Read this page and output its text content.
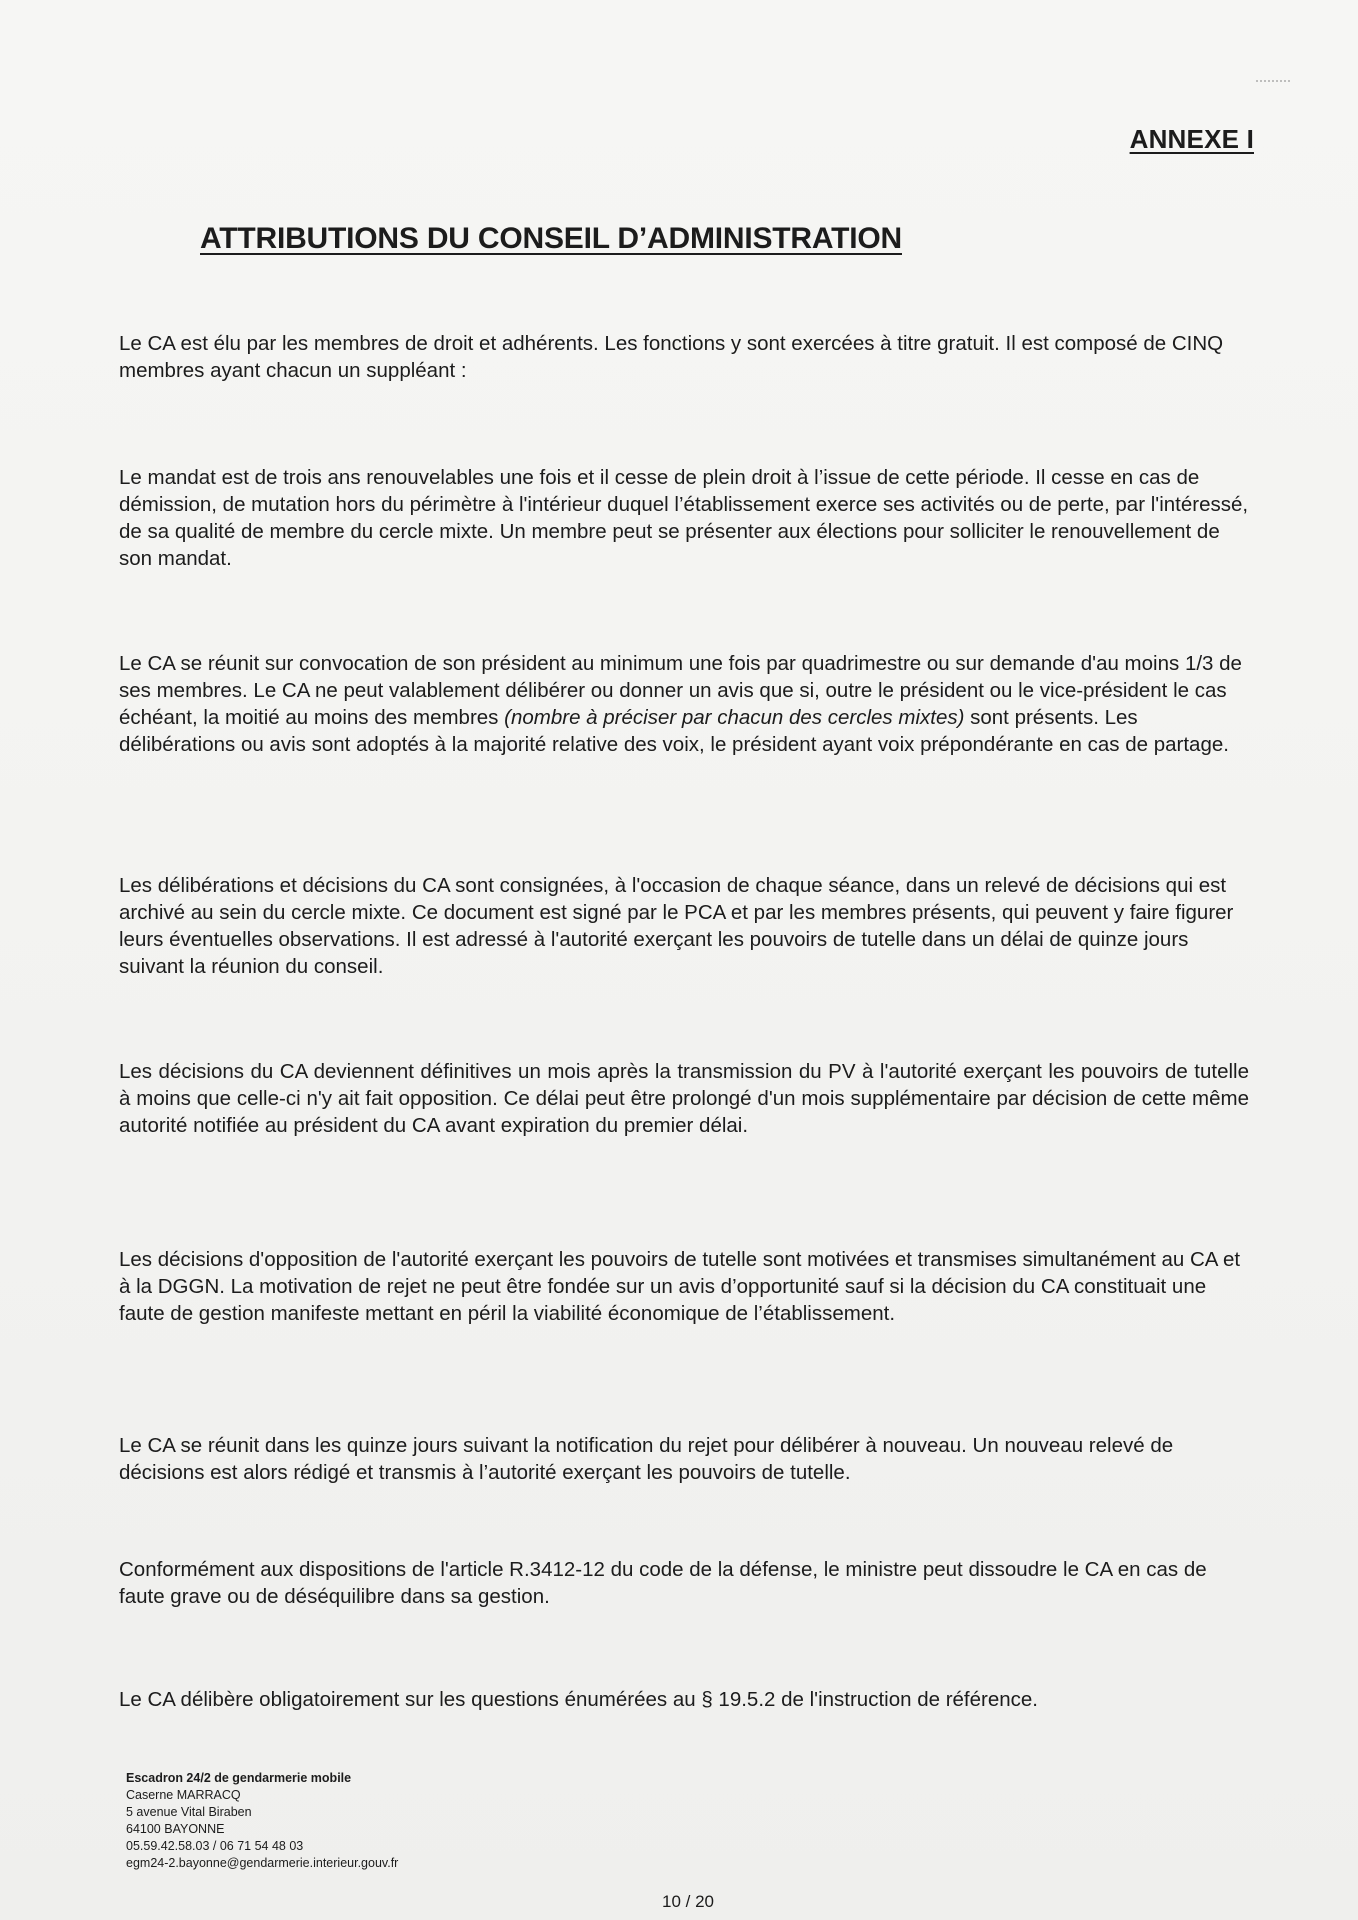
ANNEXE I
ATTRIBUTIONS DU CONSEIL D’ADMINISTRATION

Le CA est élu par les membres de droit et adhérents. Les fonctions y sont exercées à titre gratuit. Il est composé de CINQ membres ayant chacun un suppléant :

Le mandat est de trois ans renouvelables une fois et il cesse de plein droit à l’issue de cette période. Il cesse en cas de démission, de mutation hors du périmètre à l'intérieur duquel l’établissement exerce ses activités ou de perte, par l'intéressé, de sa qualité de membre du cercle mixte. Un membre peut se présenter aux élections pour solliciter le renouvellement de son mandat.

Le CA se réunit sur convocation de son président au minimum une fois par quadrimestre ou sur demande d'au moins 1/3 de ses membres. Le CA ne peut valablement délibérer ou donner un avis que si, outre le président ou le vice-président le cas échéant, la moitié au moins des membres (nombre à préciser par chacun des cercles mixtes) sont présents. Les délibérations ou avis sont adoptés à la majorité relative des voix, le président ayant voix prépondérante en cas de partage.

Les délibérations et décisions du CA sont consignées, à l'occasion de chaque séance, dans un relevé de décisions qui est archivé au sein du cercle mixte. Ce document est signé par le PCA et par les membres présents, qui peuvent y faire figurer leurs éventuelles observations. Il est adressé à l'autorité exerçant les pouvoirs de tutelle dans un délai de quinze jours suivant la réunion du conseil.

Les décisions du CA deviennent définitives un mois après la transmission du PV à l'autorité exerçant les pouvoirs de tutelle à moins que celle-ci n'y ait fait opposition. Ce délai peut être prolongé d'un mois supplémentaire par décision de cette même autorité notifiée au président du CA avant expiration du premier délai.

Les décisions d'opposition de l'autorité exerçant les pouvoirs de tutelle sont motivées et transmises simultanément au CA et à la DGGN. La motivation de rejet ne peut être fondée sur un avis d’opportunité sauf si la décision du CA constituait une faute de gestion manifeste mettant en péril la viabilité économique de l’établissement.

Le CA se réunit dans les quinze jours suivant la notification du rejet pour délibérer à nouveau. Un nouveau relevé de décisions est alors rédigé et transmis à l’autorité exerçant les pouvoirs de tutelle.

Conformément aux dispositions de l'article R.3412-12 du code de la défense, le ministre peut dissoudre le CA en cas de faute grave ou de déséquilibre dans sa gestion.

Le CA délibère obligatoirement sur les questions énumérées au § 19.5.2 de l'instruction de référence.

Escadron 24/2 de gendarmerie mobile
Caserne MARRACQ
5 avenue Vital Biraben
64100 BAYONNE
05.59.42.58.03 / 06 71 54 48 03
egm24-2.bayonne@gendarmerie.interieur.gouv.fr
10 / 20
